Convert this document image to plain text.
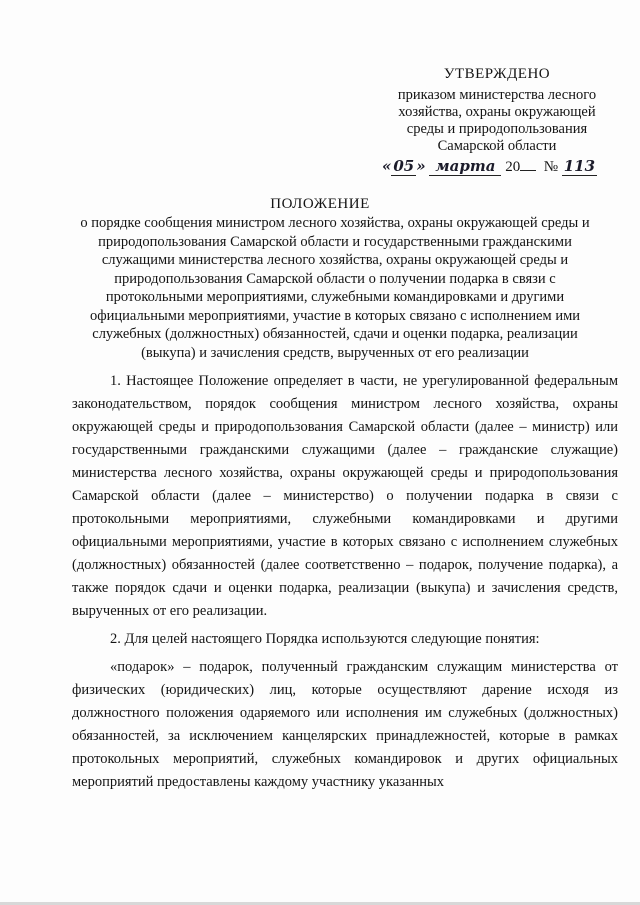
УТВЕРЖДЕНО
приказом министерства лесного
хозяйства, охраны окружающей
среды и природопользования
Самарской области
« 05 » марта 20 № 113
ПОЛОЖЕНИЕ
о порядке сообщения министром лесного хозяйства, охраны окружающей среды и
природопользования Самарской области и государственными гражданскими
служащими министерства лесного хозяйства, охраны окружающей среды и
природопользования Самарской области о получении подарка в связи с
протокольными мероприятиями, служебными командировками и другими
официальными мероприятиями, участие в которых связано с исполнением ими
служебных (должностных) обязанностей, сдачи и оценки подарка, реализации
(выкупа) и зачисления средств, вырученных от его реализации

1. Настоящее Положение определяет в части, не урегулированной федеральным законодательством, порядок сообщения министром лесного хозяйства, охраны окружающей среды и природопользования Самарской области (далее – министр) или государственными гражданскими служащими (далее – гражданские служащие) министерства лесного хозяйства, охраны окружающей среды и природопользования Самарской области (далее – министерство) о получении подарка в связи с протокольными мероприятиями, служебными командировками и другими официальными мероприятиями, участие в которых связано с исполнением служебных (должностных) обязанностей (далее соответственно – подарок, получение подарка), а также порядок сдачи и оценки подарка, реализации (выкупа) и зачисления средств, вырученных от его реализации.

2. Для целей настоящего Порядка используются следующие понятия:

«подарок» – подарок, полученный гражданским служащим министерства от физических (юридических) лиц, которые осуществляют дарение исходя из должностного положения одаряемого или исполнения им служебных (должностных) обязанностей, за исключением канцелярских принадлежностей, которые в рамках протокольных мероприятий, служебных командировок и других официальных мероприятий предоставлены каждому участнику указанных
